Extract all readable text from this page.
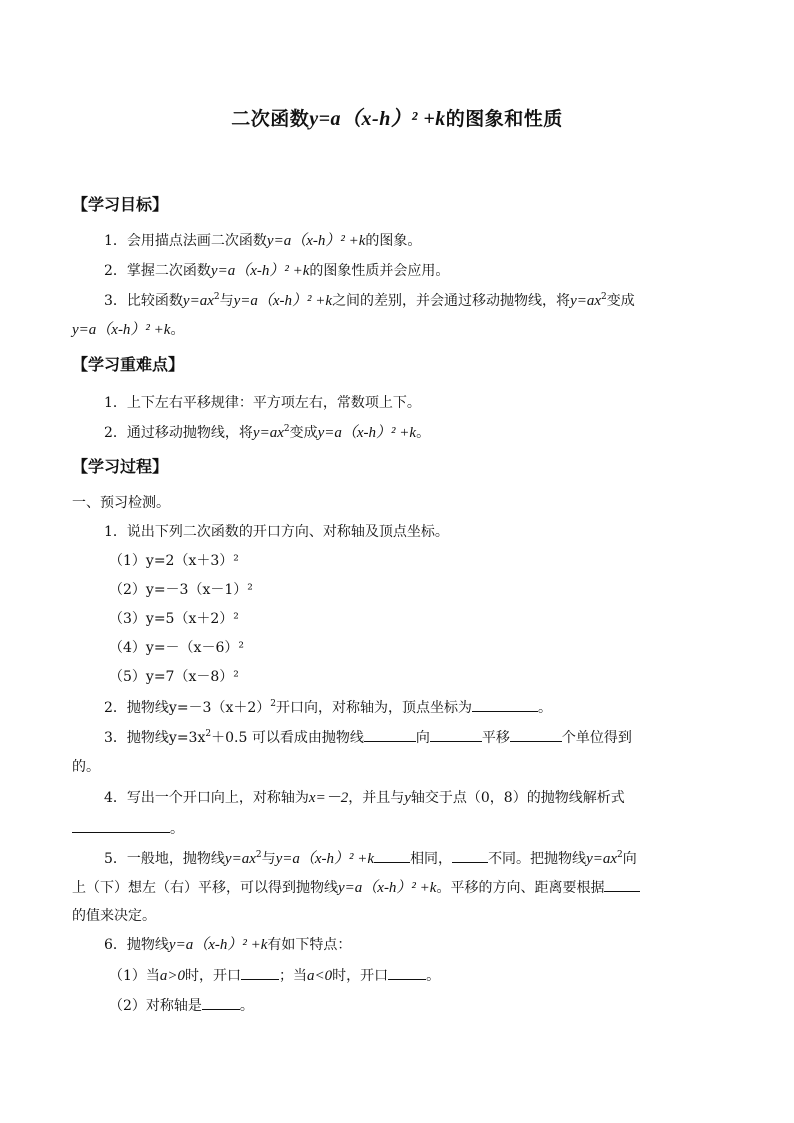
二次函数y=a（x-h）² +k的图象和性质
【学习目标】
1．会用描点法画二次函数y=a（x-h）² +k的图象。
2．掌握二次函数y=a（x-h）² +k的图象性质并会应用。
3．比较函数$y=ax^2$与y=a（x-h）² +k之间的差别，并会通过移动抛物线，将$y=ax^2$变成
y=a（x-h）² +k。
【学习重难点】
1．上下左右平移规律：平方项左右，常数项上下。
2．通过移动抛物线，将$y=ax^2$变成y=a（x-h）² +k。
【学习过程】
一、预习检测。
1．说出下列二次函数的开口方向、对称轴及顶点坐标。
（1）y=2（x＋3）²
（2）y=－3（x－1）²
（3）y=5（x＋2）²
（4）y=－（x－6）²
（5）y=7（x－8）²
2．抛物线$y=-3(x+2)^2$开口向，对称轴为，顶点坐标为	。
3．抛物线$y=3x^2+0.5$ 可以看成由抛物线	向	平移	个单位得到
的。
4．写出一个开口向上，对称轴为x=－2，并且与y轴交于点（0，8）的抛物线解析式
。
5．一般地，抛物线$y=ax^2$与y=a（x-h）² +k	相同，	不同。把抛物线$y=ax^2$向
上（下）想左（右）平移，可以得到抛物线y=a（x-h）² +k。平移的方向、距离要根据
的值来决定。
6．抛物线y=a（x-h）² +k有如下特点：
（1）当a>0时，开口	；当a<0时，开口	。
（2）对称轴是	。
